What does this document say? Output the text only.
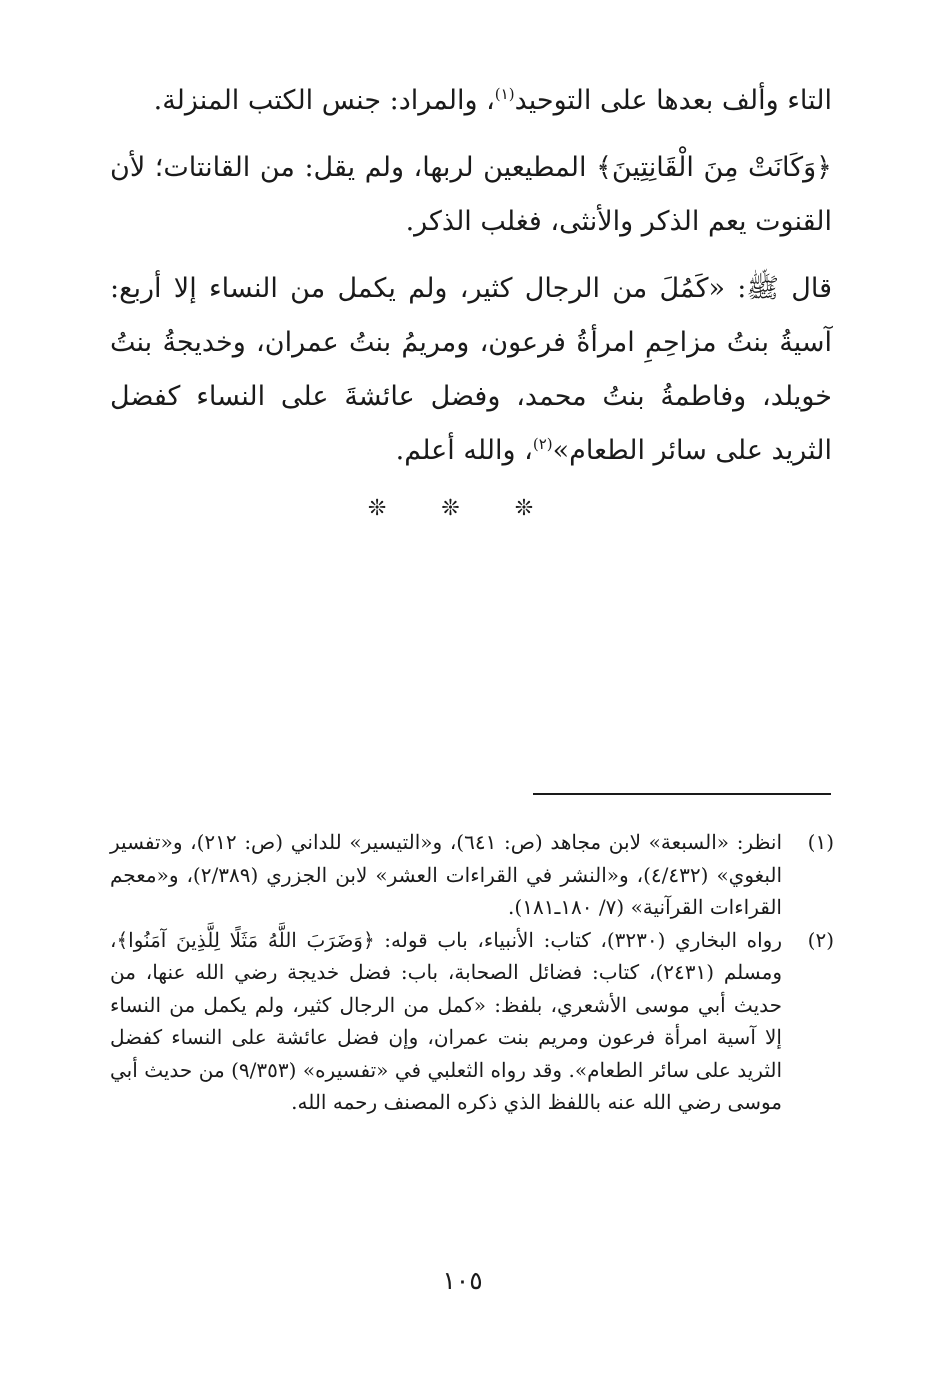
التاء وألف بعدها على التوحيد$^{(١)}$، والمراد: جنس الكتب المنزلة.

﴿وَكَانَتْ مِنَ الْقَانِتِينَ﴾ المطيعين لربها، ولم يقل: من القانتات؛ لأن القنوت يعم الذكر والأنثى، فغلب الذكر.

قال ﷺ: «كَمُلَ من الرجال كثير، ولم يكمل من النساء إلا أربع: آسيةُ بنتُ مزاحِمِ امرأةُ فرعون، ومريمُ بنتُ عمران، وخديجةُ بنتُ خويلد، وفاطمةُ بنتُ محمد، وفضل عائشةَ على النساء كفضل الثريد على سائر الطعام»$^{(٢)}$، والله أعلم.

❊ ❊ ❊
(١)
انظر: «السبعة» لابن مجاهد (ص: ٦٤١)، و«التيسير» للداني (ص: ٢١٢)، و«تفسير البغوي» (٤/٤٣٢)، و«النشر في القراءات العشر» لابن الجزري (٢/٣٨٩)، و«معجم القراءات القرآنية» (٧/ ١٨٠ـ١٨١).
(٢)
رواه البخاري (٣٢٣٠)، كتاب: الأنبياء، باب قوله: ﴿وَضَرَبَ اللَّهُ مَثَلًا لِلَّذِينَ آمَنُوا﴾، ومسلم (٢٤٣١)، كتاب: فضائل الصحابة، باب: فضل خديجة رضي الله عنها، من حديث أبي موسى الأشعري، بلفظ: «كمل من الرجال كثير، ولم يكمل من النساء إلا آسية امرأة فرعون ومريم بنت عمران، وإن فضل عائشة على النساء كفضل الثريد على سائر الطعام». وقد رواه الثعلبي في «تفسيره» (٩/٣٥٣) من حديث أبي موسى رضي الله عنه باللفظ الذي ذكره المصنف رحمه الله.
١٠٥
